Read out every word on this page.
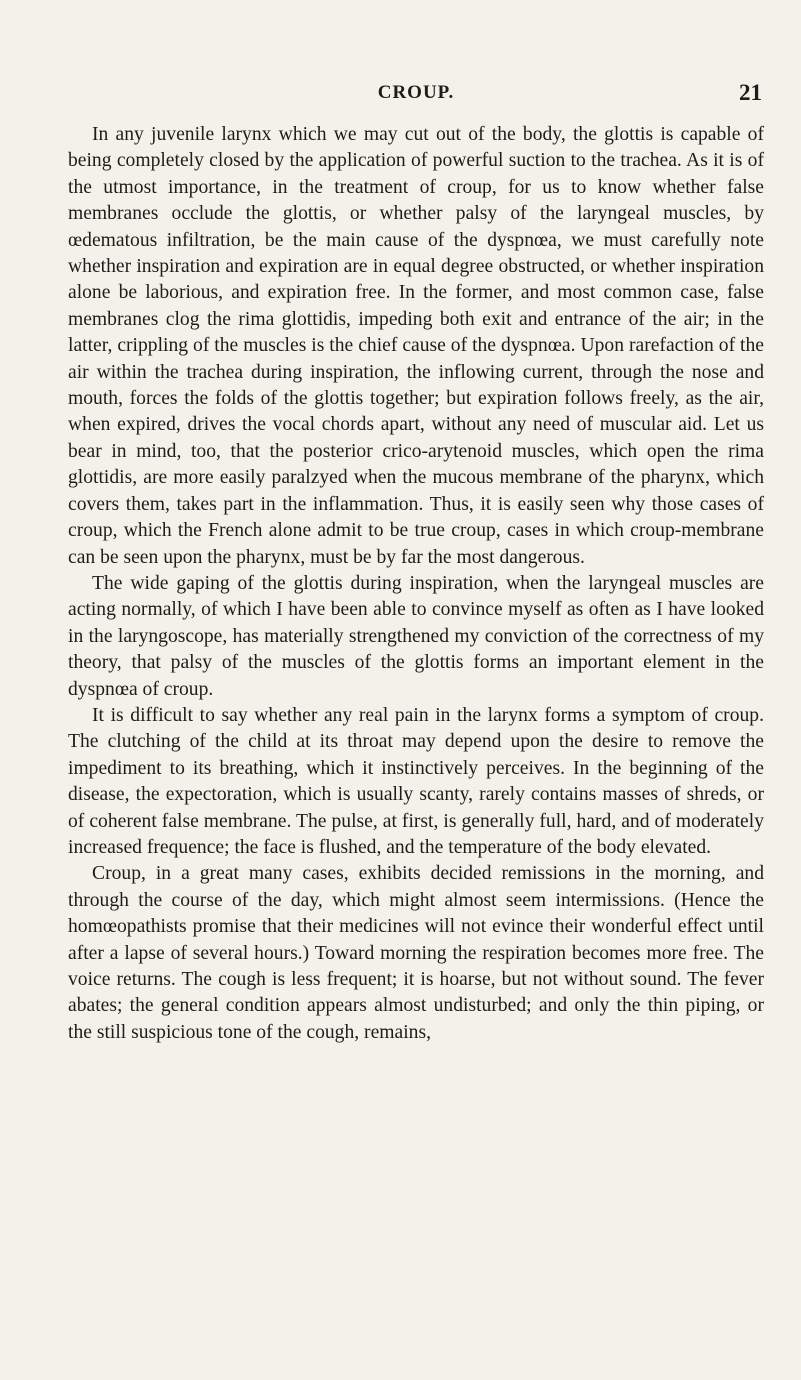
CROUP.	21

In any juvenile larynx which we may cut out of the body, the glottis is capable of being completely closed by the application of powerful suction to the trachea. As it is of the utmost importance, in the treatment of croup, for us to know whether false membranes occlude the glottis, or whether palsy of the laryngeal muscles, by œdematous infiltration, be the main cause of the dyspnœa, we must carefully note whether inspiration and expiration are in equal degree obstructed, or whether inspiration alone be laborious, and expiration free. In the former, and most common case, false membranes clog the rima glottidis, impeding both exit and entrance of the air; in the latter, crippling of the muscles is the chief cause of the dyspnœa. Upon rarefaction of the air within the trachea during inspiration, the inflowing current, through the nose and mouth, forces the folds of the glottis together; but expiration follows freely, as the air, when expired, drives the vocal chords apart, without any need of muscular aid. Let us bear in mind, too, that the posterior crico-arytenoid muscles, which open the rima glottidis, are more easily paralzyed when the mucous membrane of the pharynx, which covers them, takes part in the inflammation. Thus, it is easily seen why those cases of croup, which the French alone admit to be true croup, cases in which croup-membrane can be seen upon the pharynx, must be by far the most dangerous.

The wide gaping of the glottis during inspiration, when the laryngeal muscles are acting normally, of which I have been able to convince myself as often as I have looked in the laryngoscope, has materially strengthened my conviction of the correctness of my theory, that palsy of the muscles of the glottis forms an important element in the dyspnœa of croup.

It is difficult to say whether any real pain in the larynx forms a symptom of croup. The clutching of the child at its throat may depend upon the desire to remove the impediment to its breathing, which it instinctively perceives. In the beginning of the disease, the expectoration, which is usually scanty, rarely contains masses of shreds, or of coherent false membrane. The pulse, at first, is generally full, hard, and of moderately increased frequence; the face is flushed, and the temperature of the body elevated.

Croup, in a great many cases, exhibits decided remissions in the morning, and through the course of the day, which might almost seem intermissions. (Hence the homœopathists promise that their medicines will not evince their wonderful effect until after a lapse of several hours.) Toward morning the respiration becomes more free. The voice returns. The cough is less frequent; it is hoarse, but not without sound. The fever abates; the general condition appears almost undisturbed; and only the thin piping, or the still suspicious tone of the cough, remains,
